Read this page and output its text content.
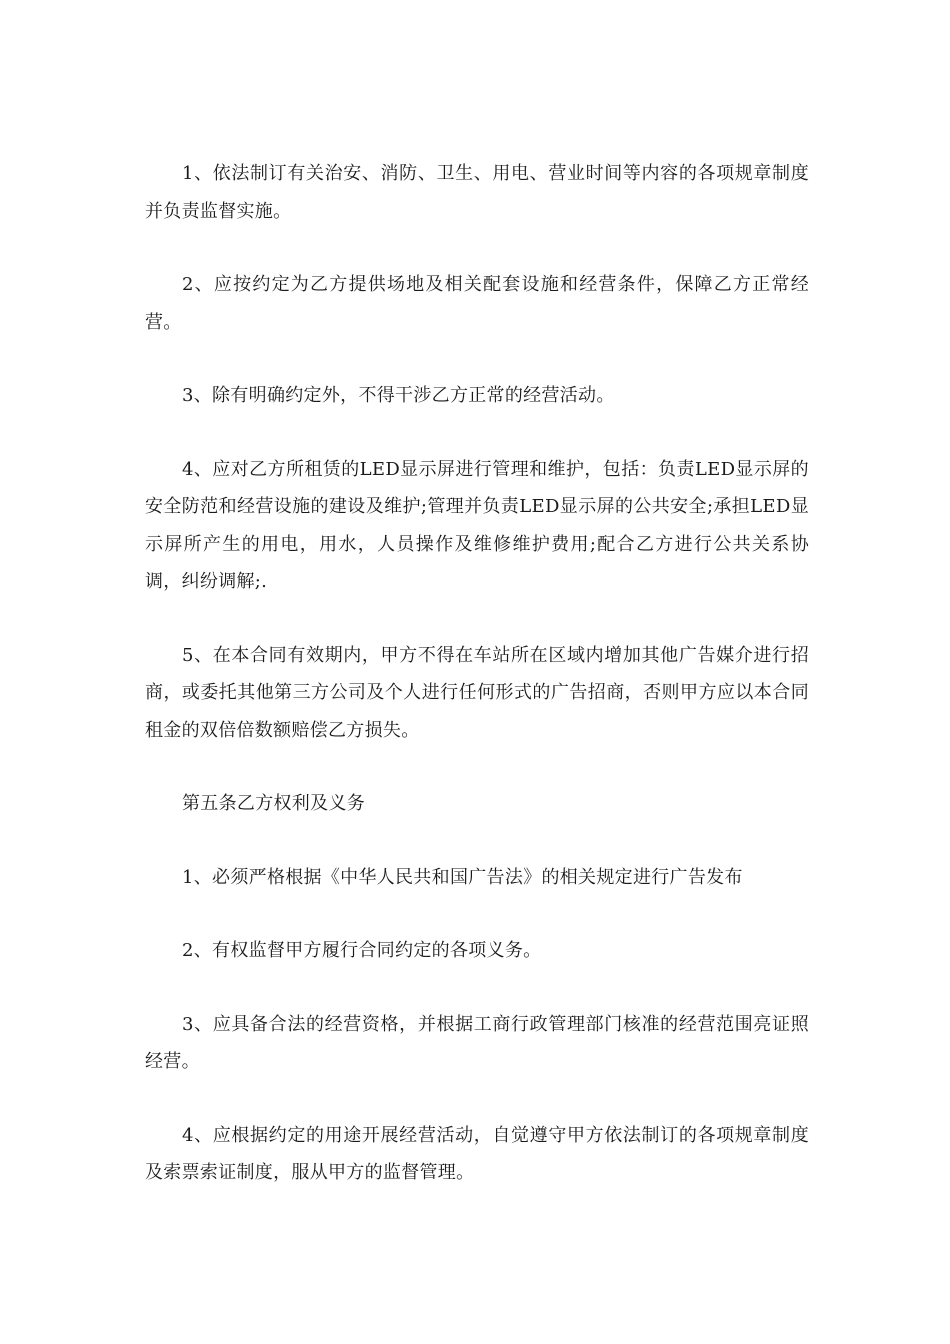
1、依法制订有关治安、消防、卫生、用电、营业时间等内容的各项规章制度并负责监督实施。

2、应按约定为乙方提供场地及相关配套设施和经营条件，保障乙方正常经营。

3、除有明确约定外，不得干涉乙方正常的经营活动。

4、应对乙方所租赁的LED显示屏进行管理和维护，包括：负责LED显示屏的安全防范和经营设施的建设及维护;管理并负责LED显示屏的公共安全;承担LED显示屏所产生的用电，用水，人员操作及维修维护费用;配合乙方进行公共关系协调，纠纷调解;.

5、在本合同有效期内，甲方不得在车站所在区域内增加其他广告媒介进行招商，或委托其他第三方公司及个人进行任何形式的广告招商，否则甲方应以本合同租金的双倍倍数额赔偿乙方损失。

第五条乙方权利及义务

1、必须严格根据《中华人民共和国广告法》的相关规定进行广告发布

2、有权监督甲方履行合同约定的各项义务。

3、应具备合法的经营资格，并根据工商行政管理部门核准的经营范围亮证照经营。

4、应根据约定的用途开展经营活动，自觉遵守甲方依法制订的各项规章制度及索票索证制度，服从甲方的监督管理。
